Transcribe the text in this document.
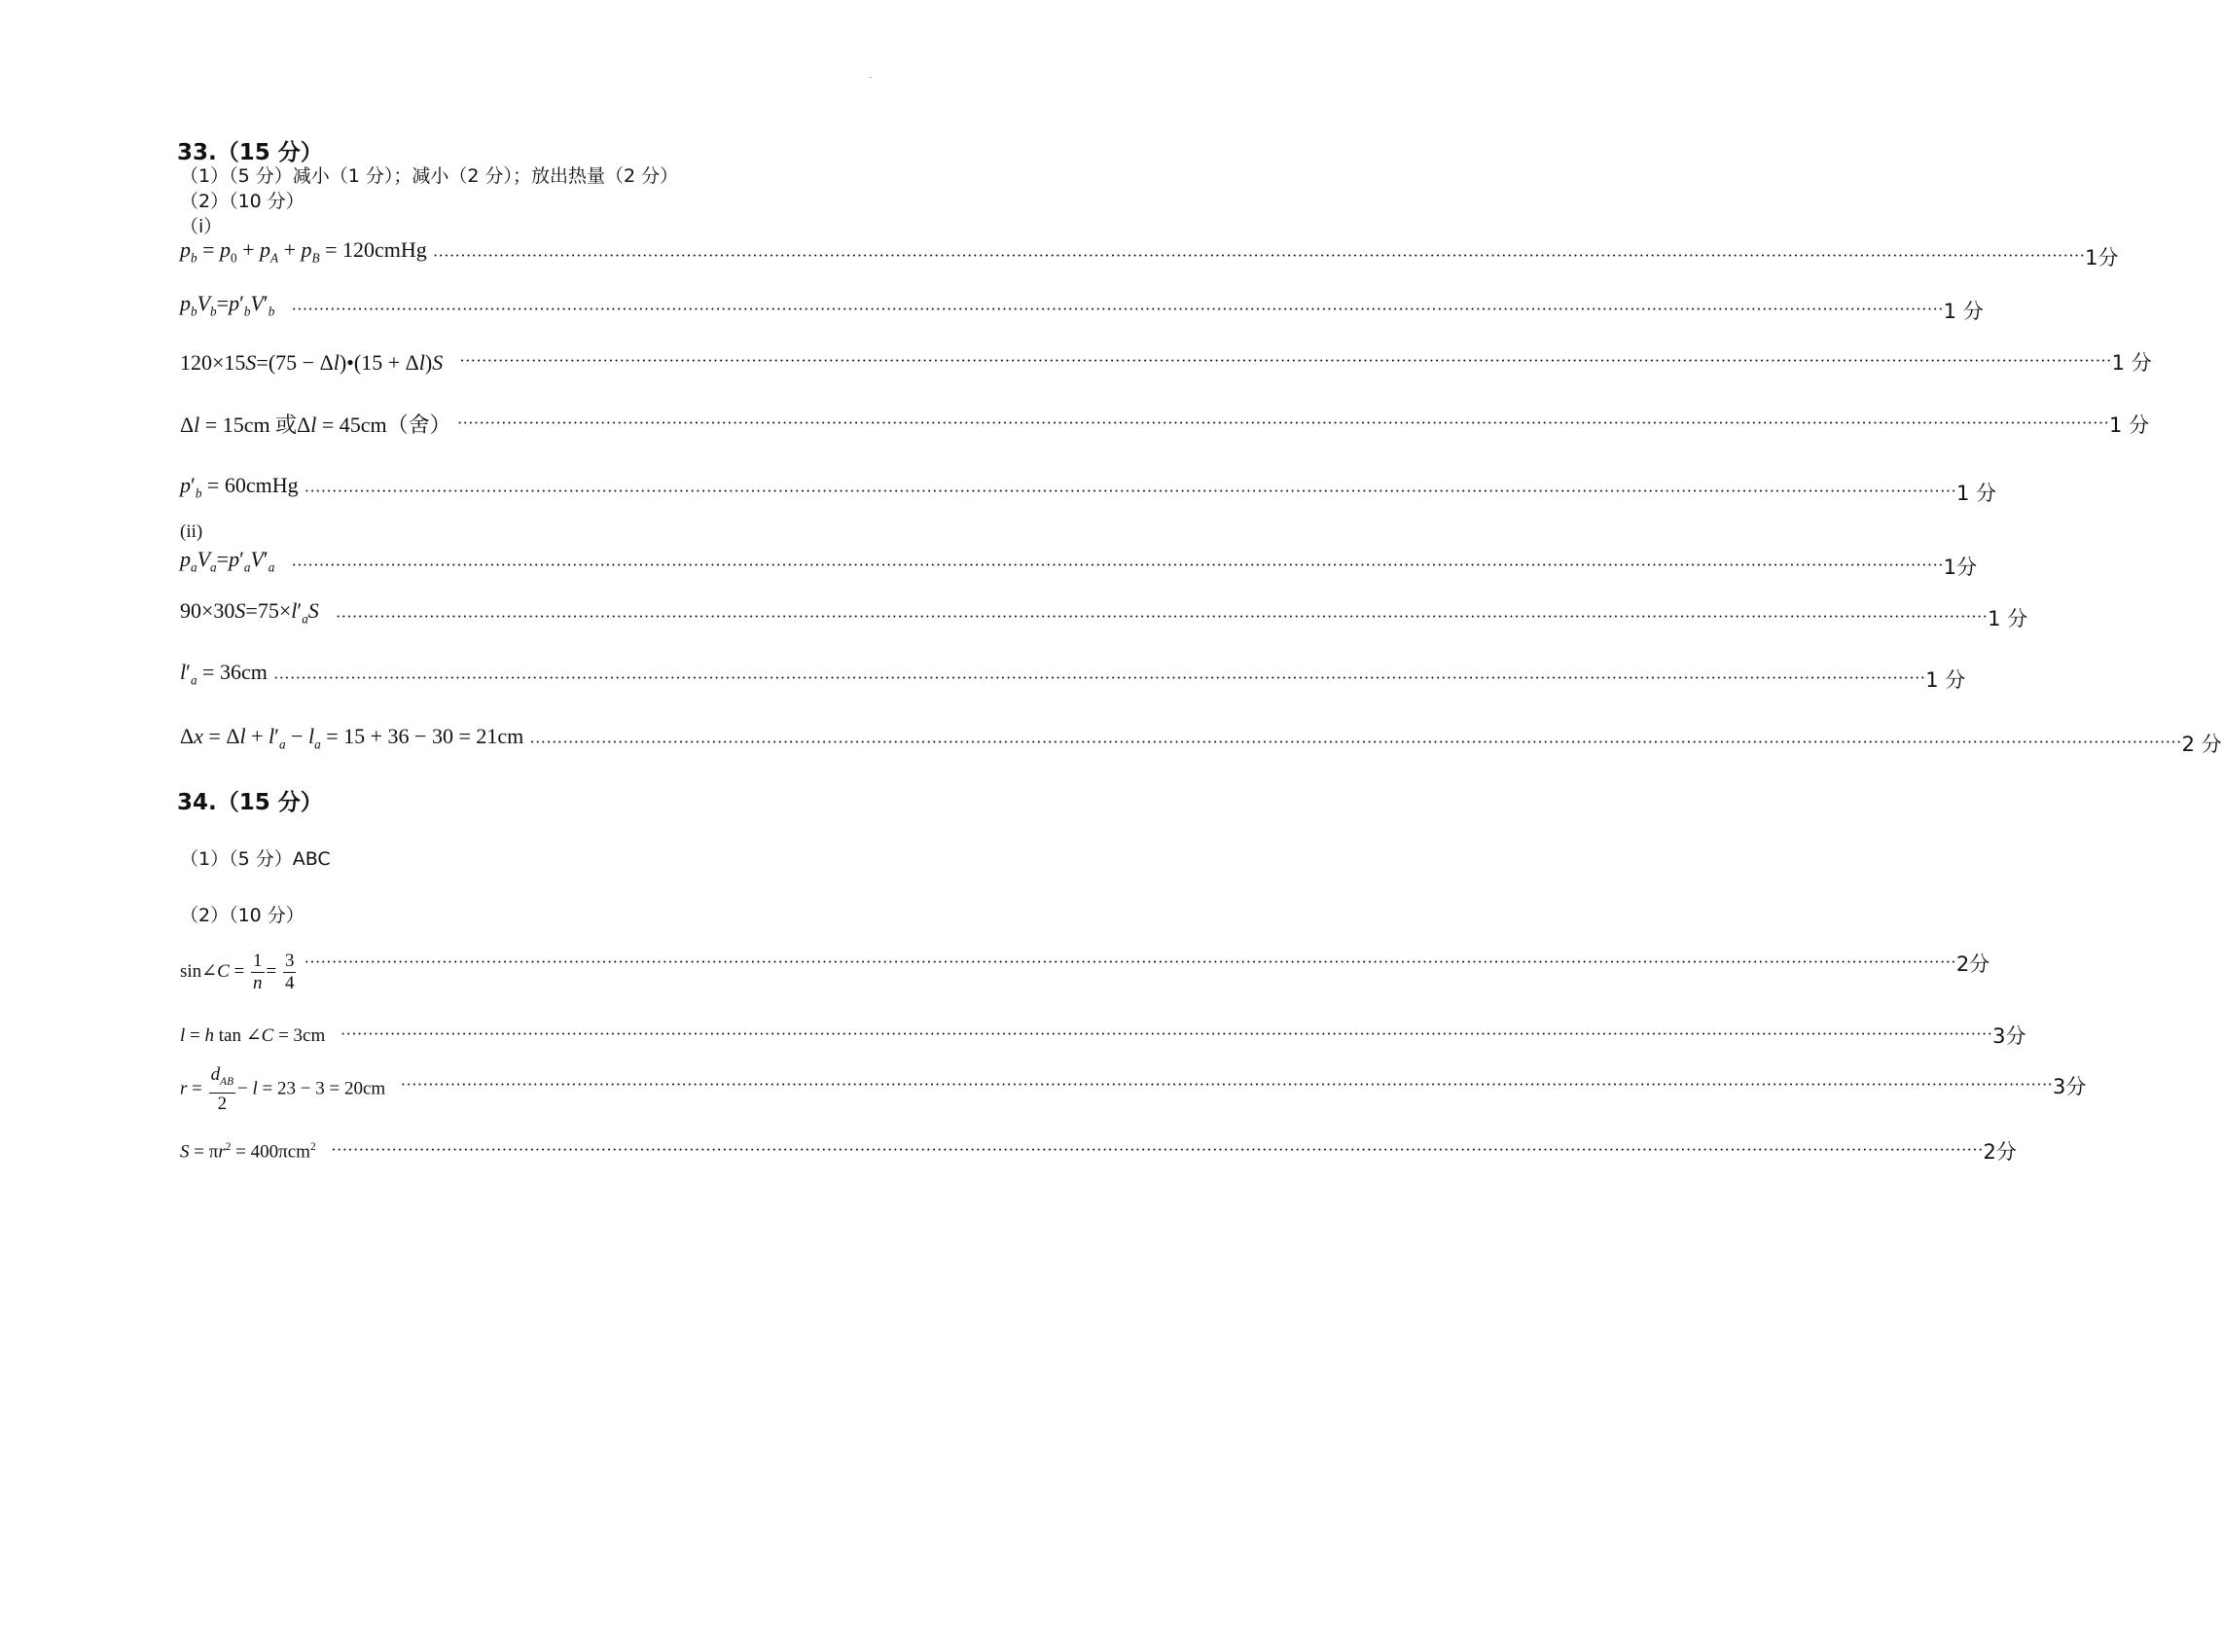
-
33.（15 分）
（1）（5 分）减小（1 分）；减小（2 分）；放出热量（2 分）
（2）（10 分）
（i）
$p_b = p_0 + p_A + p_B$ = 120cmHg ············································································································································································································································································································ 1分
$p_bV_b=p'_bV'_b$	············································································································································································································································································································ 1 分
120×15S=(75 − Δl)•(15 + Δl)S	············································································································································································································································································································ 1 分
Δl = 15cm 或Δl = 45cm（舍） ············································································································································································································································································································ 1 分
$p'_b$ = 60cmHg ············································································································································································································································································································ 1 分
(ii)
$p_aV_a=p'_aV'_a$	············································································································································································································································································································ 1分
$90\times 30S=75\times l'_aS$	············································································································································································································································································································ 1 分
$l'_a = 36cm$ ············································································································································································································································································································ 1 分
$\Delta x = \Delta l + l'_a - l_a = 15 + 36 - 30 = 21cm$ ············································································································································································································································································································ 2 分
34.（15 分）
（1）（5 分）ABC
（2）（10 分）
sin∠C = $\frac{1}{n} = \frac{3}{4}$ ············································································································································································································································································································ 2分
l = h tan ∠C = 3cm ············································································································································································································································································································ 3分
$r = \frac{d_{AB}}{2} - l = 23 - 3 = 20cm$ ············································································································································································································································································································ 3分
$S = \pi r^2 = 400\pi cm^2$ ············································································································································································································································································································ 2分
